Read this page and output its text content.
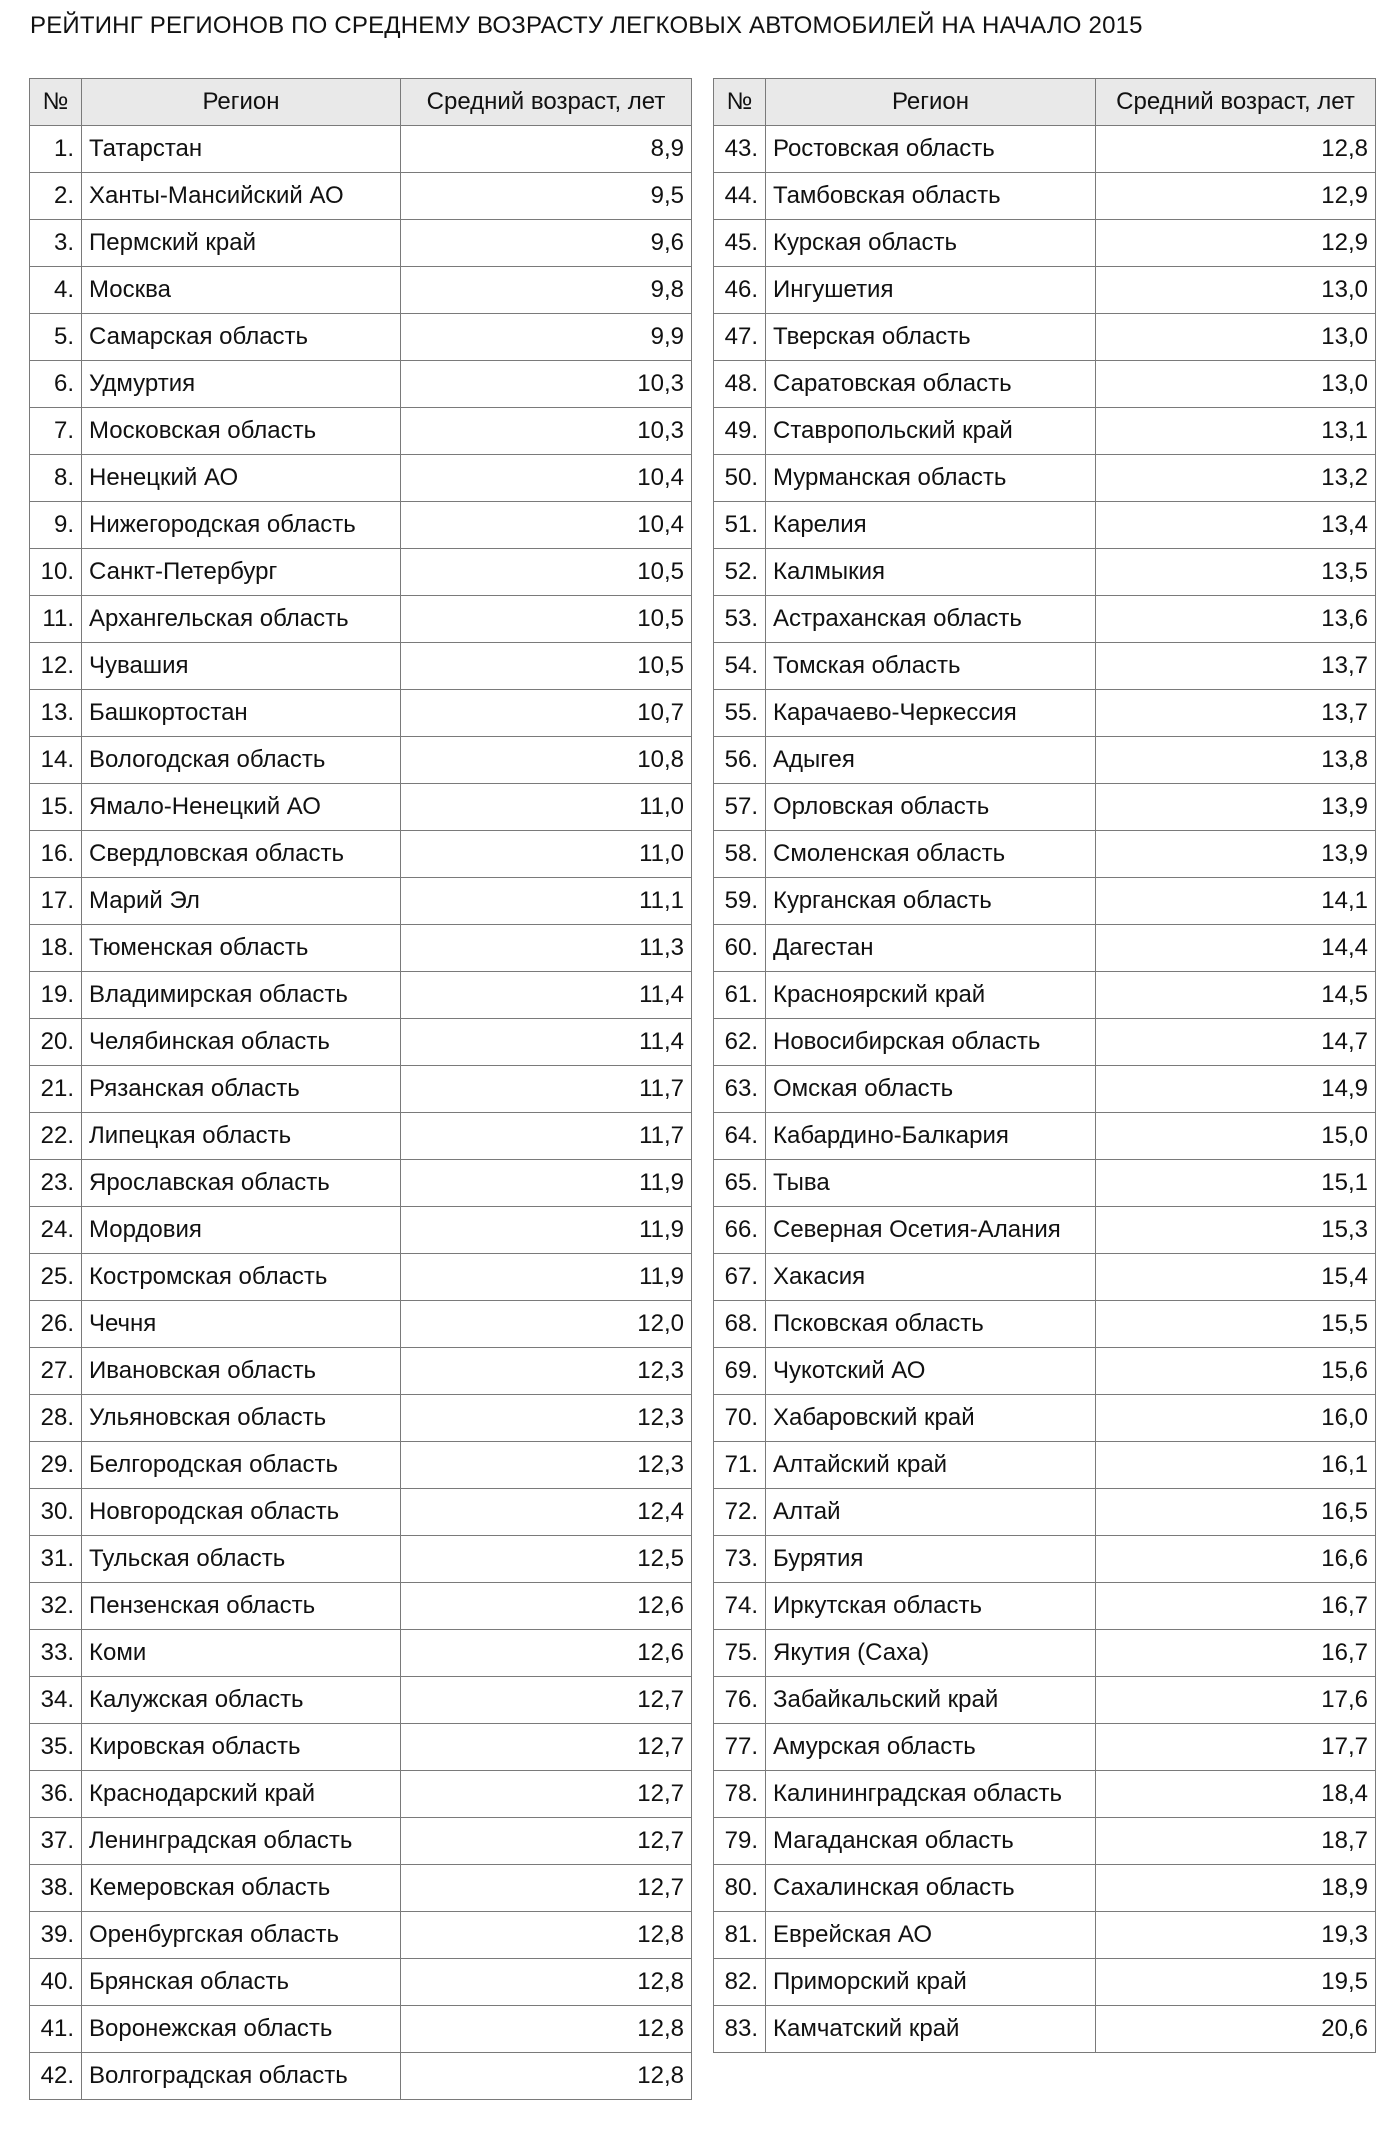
РЕЙТИНГ РЕГИОНОВ ПО СРЕДНЕМУ ВОЗРАСТУ ЛЕГКОВЫХ АВТОМОБИЛЕЙ НА НАЧАЛО 2015
№	Регион	Средний возраст, лет
1.	Татарстан	8,9
2.	Ханты-Мансийский АО	9,5
3.	Пермский край	9,6
4.	Москва	9,8
5.	Самарская область	9,9
6.	Удмуртия	10,3
7.	Московская область	10,3
8.	Ненецкий АО	10,4
9.	Нижегородская область	10,4
10.	Санкт-Петербург	10,5
11.	Архангельская область	10,5
12.	Чувашия	10,5
13.	Башкортостан	10,7
14.	Вологодская область	10,8
15.	Ямало-Ненецкий АО	11,0
16.	Свердловская область	11,0
17.	Марий Эл	11,1
18.	Тюменская область	11,3
19.	Владимирская область	11,4
20.	Челябинская область	11,4
21.	Рязанская область	11,7
22.	Липецкая область	11,7
23.	Ярославская область	11,9
24.	Мордовия	11,9
25.	Костромская область	11,9
26.	Чечня	12,0
27.	Ивановская область	12,3
28.	Ульяновская область	12,3
29.	Белгородская область	12,3
30.	Новгородская область	12,4
31.	Тульская область	12,5
32.	Пензенская область	12,6
33.	Коми	12,6
34.	Калужская область	12,7
35.	Кировская область	12,7
36.	Краснодарский край	12,7
37.	Ленинградская область	12,7
38.	Кемеровская область	12,7
39.	Оренбургская область	12,8
40.	Брянская область	12,8
41.	Воронежская область	12,8
42.	Волгоградская область	12,8
№	Регион	Средний возраст, лет
43.	Ростовская область	12,8
44.	Тамбовская область	12,9
45.	Курская область	12,9
46.	Ингушетия	13,0
47.	Тверская область	13,0
48.	Саратовская область	13,0
49.	Ставропольский край	13,1
50.	Мурманская область	13,2
51.	Карелия	13,4
52.	Калмыкия	13,5
53.	Астраханская область	13,6
54.	Томская область	13,7
55.	Карачаево-Черкессия	13,7
56.	Адыгея	13,8
57.	Орловская область	13,9
58.	Смоленская область	13,9
59.	Курганская область	14,1
60.	Дагестан	14,4
61.	Красноярский край	14,5
62.	Новосибирская область	14,7
63.	Омская область	14,9
64.	Кабардино-Балкария	15,0
65.	Тыва	15,1
66.	Северная Осетия-Алания	15,3
67.	Хакасия	15,4
68.	Псковская область	15,5
69.	Чукотский АО	15,6
70.	Хабаровский край	16,0
71.	Алтайский край	16,1
72.	Алтай	16,5
73.	Бурятия	16,6
74.	Иркутская область	16,7
75.	Якутия (Саха)	16,7
76.	Забайкальский край	17,6
77.	Амурская область	17,7
78.	Калининградская область	18,4
79.	Магаданская область	18,7
80.	Сахалинская область	18,9
81.	Еврейская АО	19,3
82.	Приморский край	19,5
83.	Камчатский край	20,6
